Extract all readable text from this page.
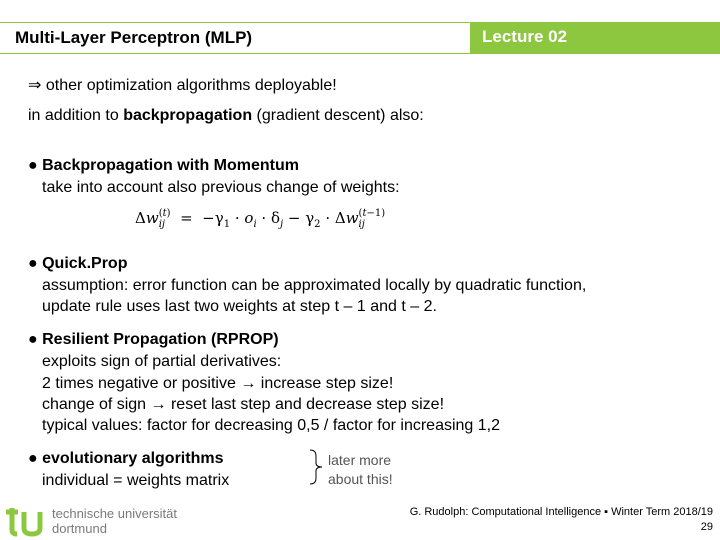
Multi-Layer Perceptron (MLP)	Lecture 02
⇒ other optimization algorithms deployable!
in addition to backpropagation (gradient descent) also:
● Backpropagation with Momentum
take into account also previous change of weights:
Δw (t)
ij =  $-\gamma_1 \cdot o_i \cdot \delta_j - \gamma_2 \cdot \Delta w$ (t−1)
ij
● Quick.Prop
assumption: error function can be approximated locally by quadratic function,
update rule uses last two weights at step t – 1 and t – 2.
● Resilient Propagation (RPROP)
exploits sign of partial derivatives:
2 times negative or positive → increase step size!
change of sign → reset last step and decrease step size!
typical values: factor for decreasing 0,5 / factor for increasing 1,2
● evolutionary algorithms
individual = weights matrix
later more
about this!
technische universität
dortmund
G. Rudolph: Computational Intelligence ▪ Winter Term 2018/19
29
